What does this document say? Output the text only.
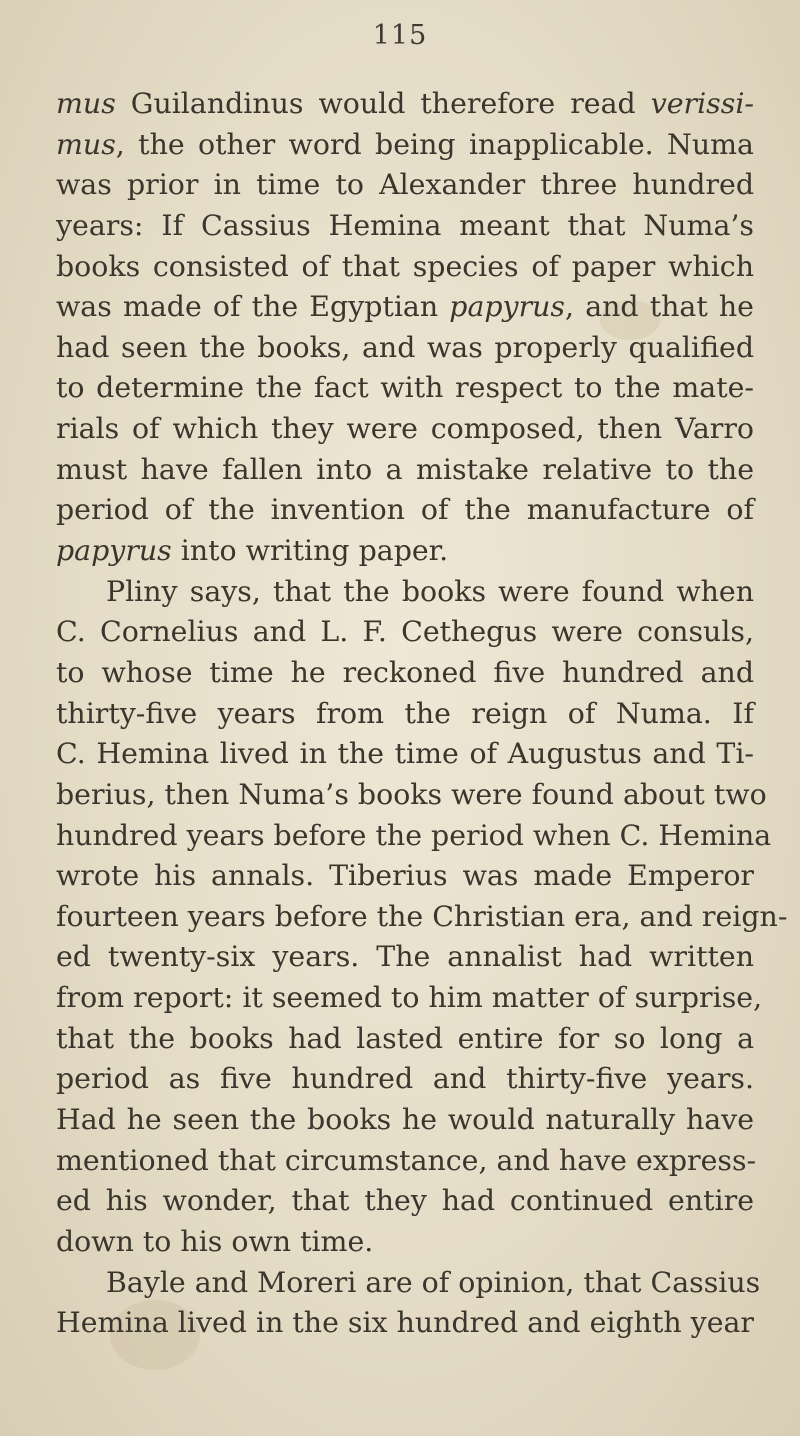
115
mus Guilandinus would therefore read verissi-
mus, the other word being inapplicable. Numa
was prior in time to Alexander three hundred
years: If Cassius Hemina meant that Numa’s
books consisted of that species of paper which
was made of the Egyptian papyrus, and that he
had seen the books, and was properly qualified
to determine the fact with respect to the mate-
rials of which they were composed, then Varro
must have fallen into a mistake relative to the
period of the invention of the manufacture of
papyrus into writing paper.
Pliny says, that the books were found when
C. Cornelius and L. F. Cethegus were consuls,
to whose time he reckoned five hundred and
thirty-five years from the reign of Numa. If
C. Hemina lived in the time of Augustus and Ti-
berius, then Numa’s books were found about two
hundred years before the period when C. Hemina
wrote his annals. Tiberius was made Emperor
fourteen years before the Christian era, and reign-
ed twenty-six years. The annalist had written
from report: it seemed to him matter of surprise,
that the books had lasted entire for so long a
period as five hundred and thirty-five years.
Had he seen the books he would naturally have
mentioned that circumstance, and have express-
ed his wonder, that they had continued entire
down to his own time.
Bayle and Moreri are of opinion, that Cassius
Hemina lived in the six hundred and eighth year
